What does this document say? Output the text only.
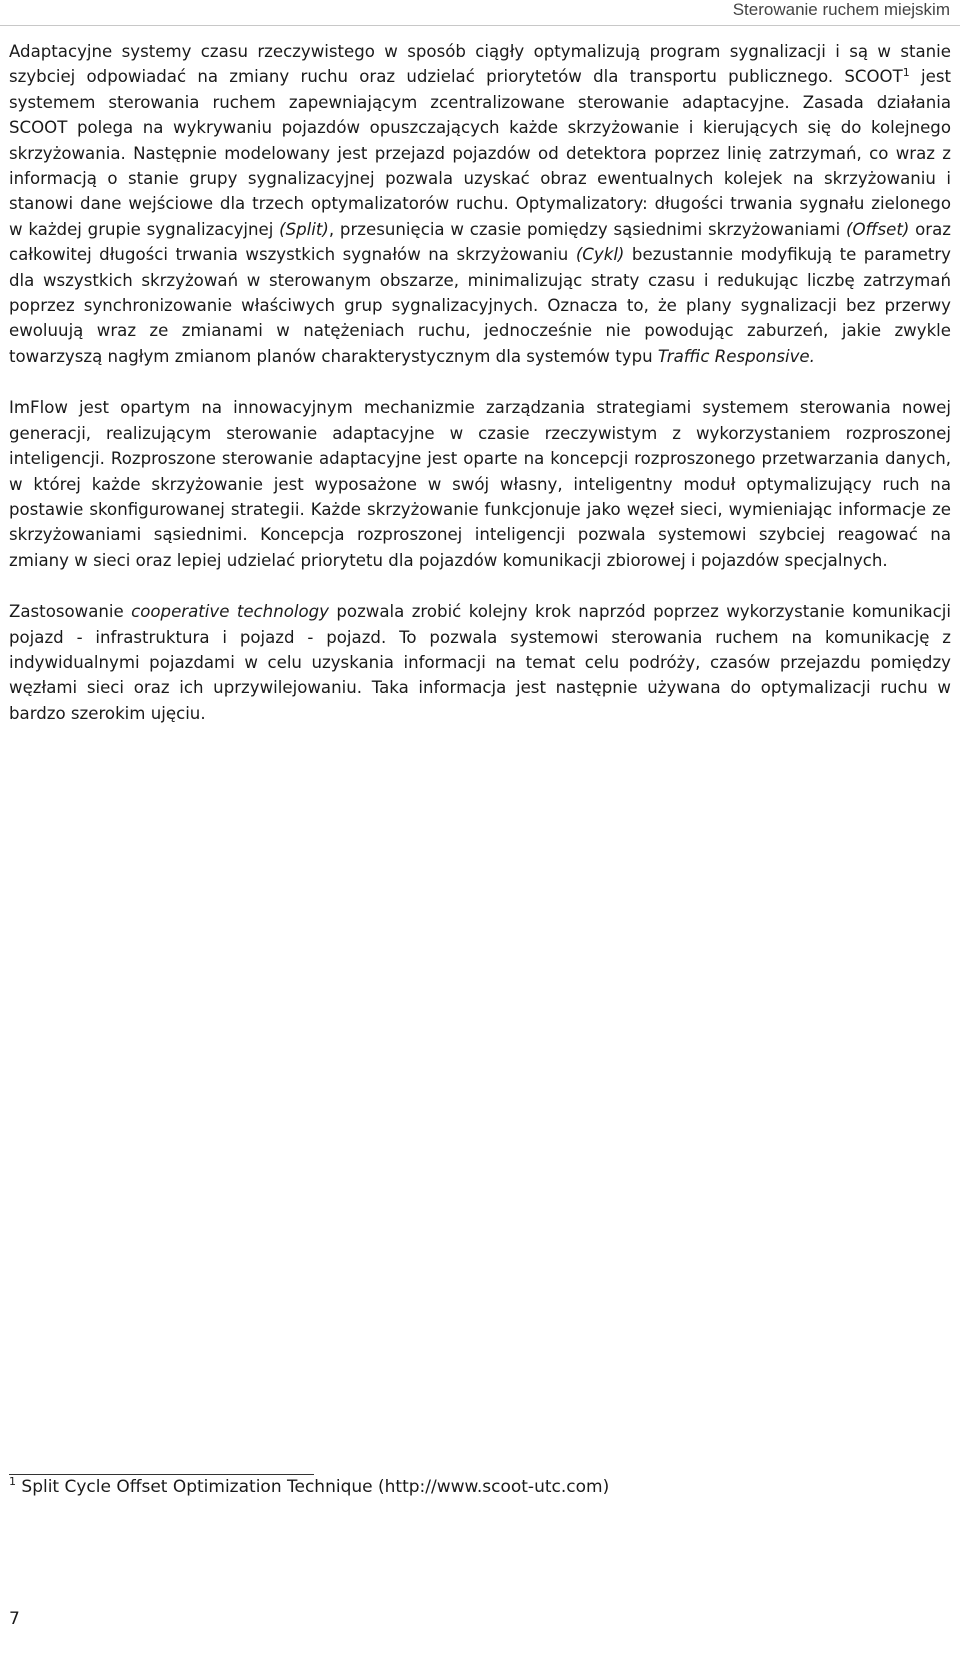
Sterowanie ruchem miejskim

Adaptacyjne systemy czasu rzeczywistego w sposób ciągły optymalizują program sygnalizacji i są w stanie szybciej odpowiadać na zmiany ruchu oraz udzielać priorytetów dla transportu publicznego. SCOOT$^1$ jest systemem sterowania ruchem zapewniającym zcentralizowane sterowanie adaptacyjne. Zasada działania SCOOT polega na wykrywaniu pojazdów opuszczających każde skrzyżowanie i kierujących się do kolejnego skrzyżowania. Następnie modelowany jest przejazd pojazdów od detektora poprzez linię zatrzymań, co wraz z informacją o stanie grupy sygnalizacyjnej pozwala uzyskać obraz ewentualnych kolejek na skrzyżowaniu i stanowi dane wejściowe dla trzech optymalizatorów ruchu. Optymalizatory: długości trwania sygnału zielonego w każdej grupie sygnalizacyjnej (Split), przesunięcia w czasie pomiędzy sąsiednimi skrzyżowaniami (Offset) oraz całkowitej długości trwania wszystkich sygnałów na skrzyżowaniu (Cykl) bezustannie modyfikują te parametry dla wszystkich skrzyżowań w sterowanym obszarze, minimalizując straty czasu i redukując liczbę zatrzymań poprzez synchronizowanie właściwych grup sygnalizacyjnych. Oznacza to, że plany sygnalizacji bez przerwy ewoluują wraz ze zmianami w natężeniach ruchu, jednocześnie nie powodując zaburzeń, jakie zwykle towarzyszą nagłym zmianom planów charakterystycznym dla systemów typu Traffic Responsive.

ImFlow jest opartym na innowacyjnym mechanizmie zarządzania strategiami systemem sterowania nowej generacji, realizującym sterowanie adaptacyjne w czasie rzeczywistym z wykorzystaniem rozproszonej inteligencji. Rozproszone sterowanie adaptacyjne jest oparte na koncepcji rozproszonego przetwarzania danych, w której każde skrzyżowanie jest wyposażone w swój własny, inteligentny moduł optymalizujący ruch na postawie skonfigurowanej strategii. Każde skrzyżowanie funkcjonuje jako węzeł sieci, wymieniając informacje ze skrzyżowaniami sąsiednimi. Koncepcja rozproszonej inteligencji pozwala systemowi szybciej reagować na zmiany w sieci oraz lepiej udzielać priorytetu dla pojazdów komunikacji zbiorowej i pojazdów specjalnych.

Zastosowanie cooperative technology pozwala zrobić kolejny krok naprzód poprzez wykorzystanie komunikacji pojazd - infrastruktura i pojazd - pojazd. To pozwala systemowi sterowania ruchem na komunikację z indywidualnymi pojazdami w celu uzyskania informacji na temat celu podróży, czasów przejazdu pomiędzy węzłami sieci oraz ich uprzywilejowaniu. Taka informacja jest następnie używana do optymalizacji ruchu w bardzo szerokim ujęciu.

$^1$ Split Cycle Offset Optimization Technique (http://www.scoot-utc.com)
7
